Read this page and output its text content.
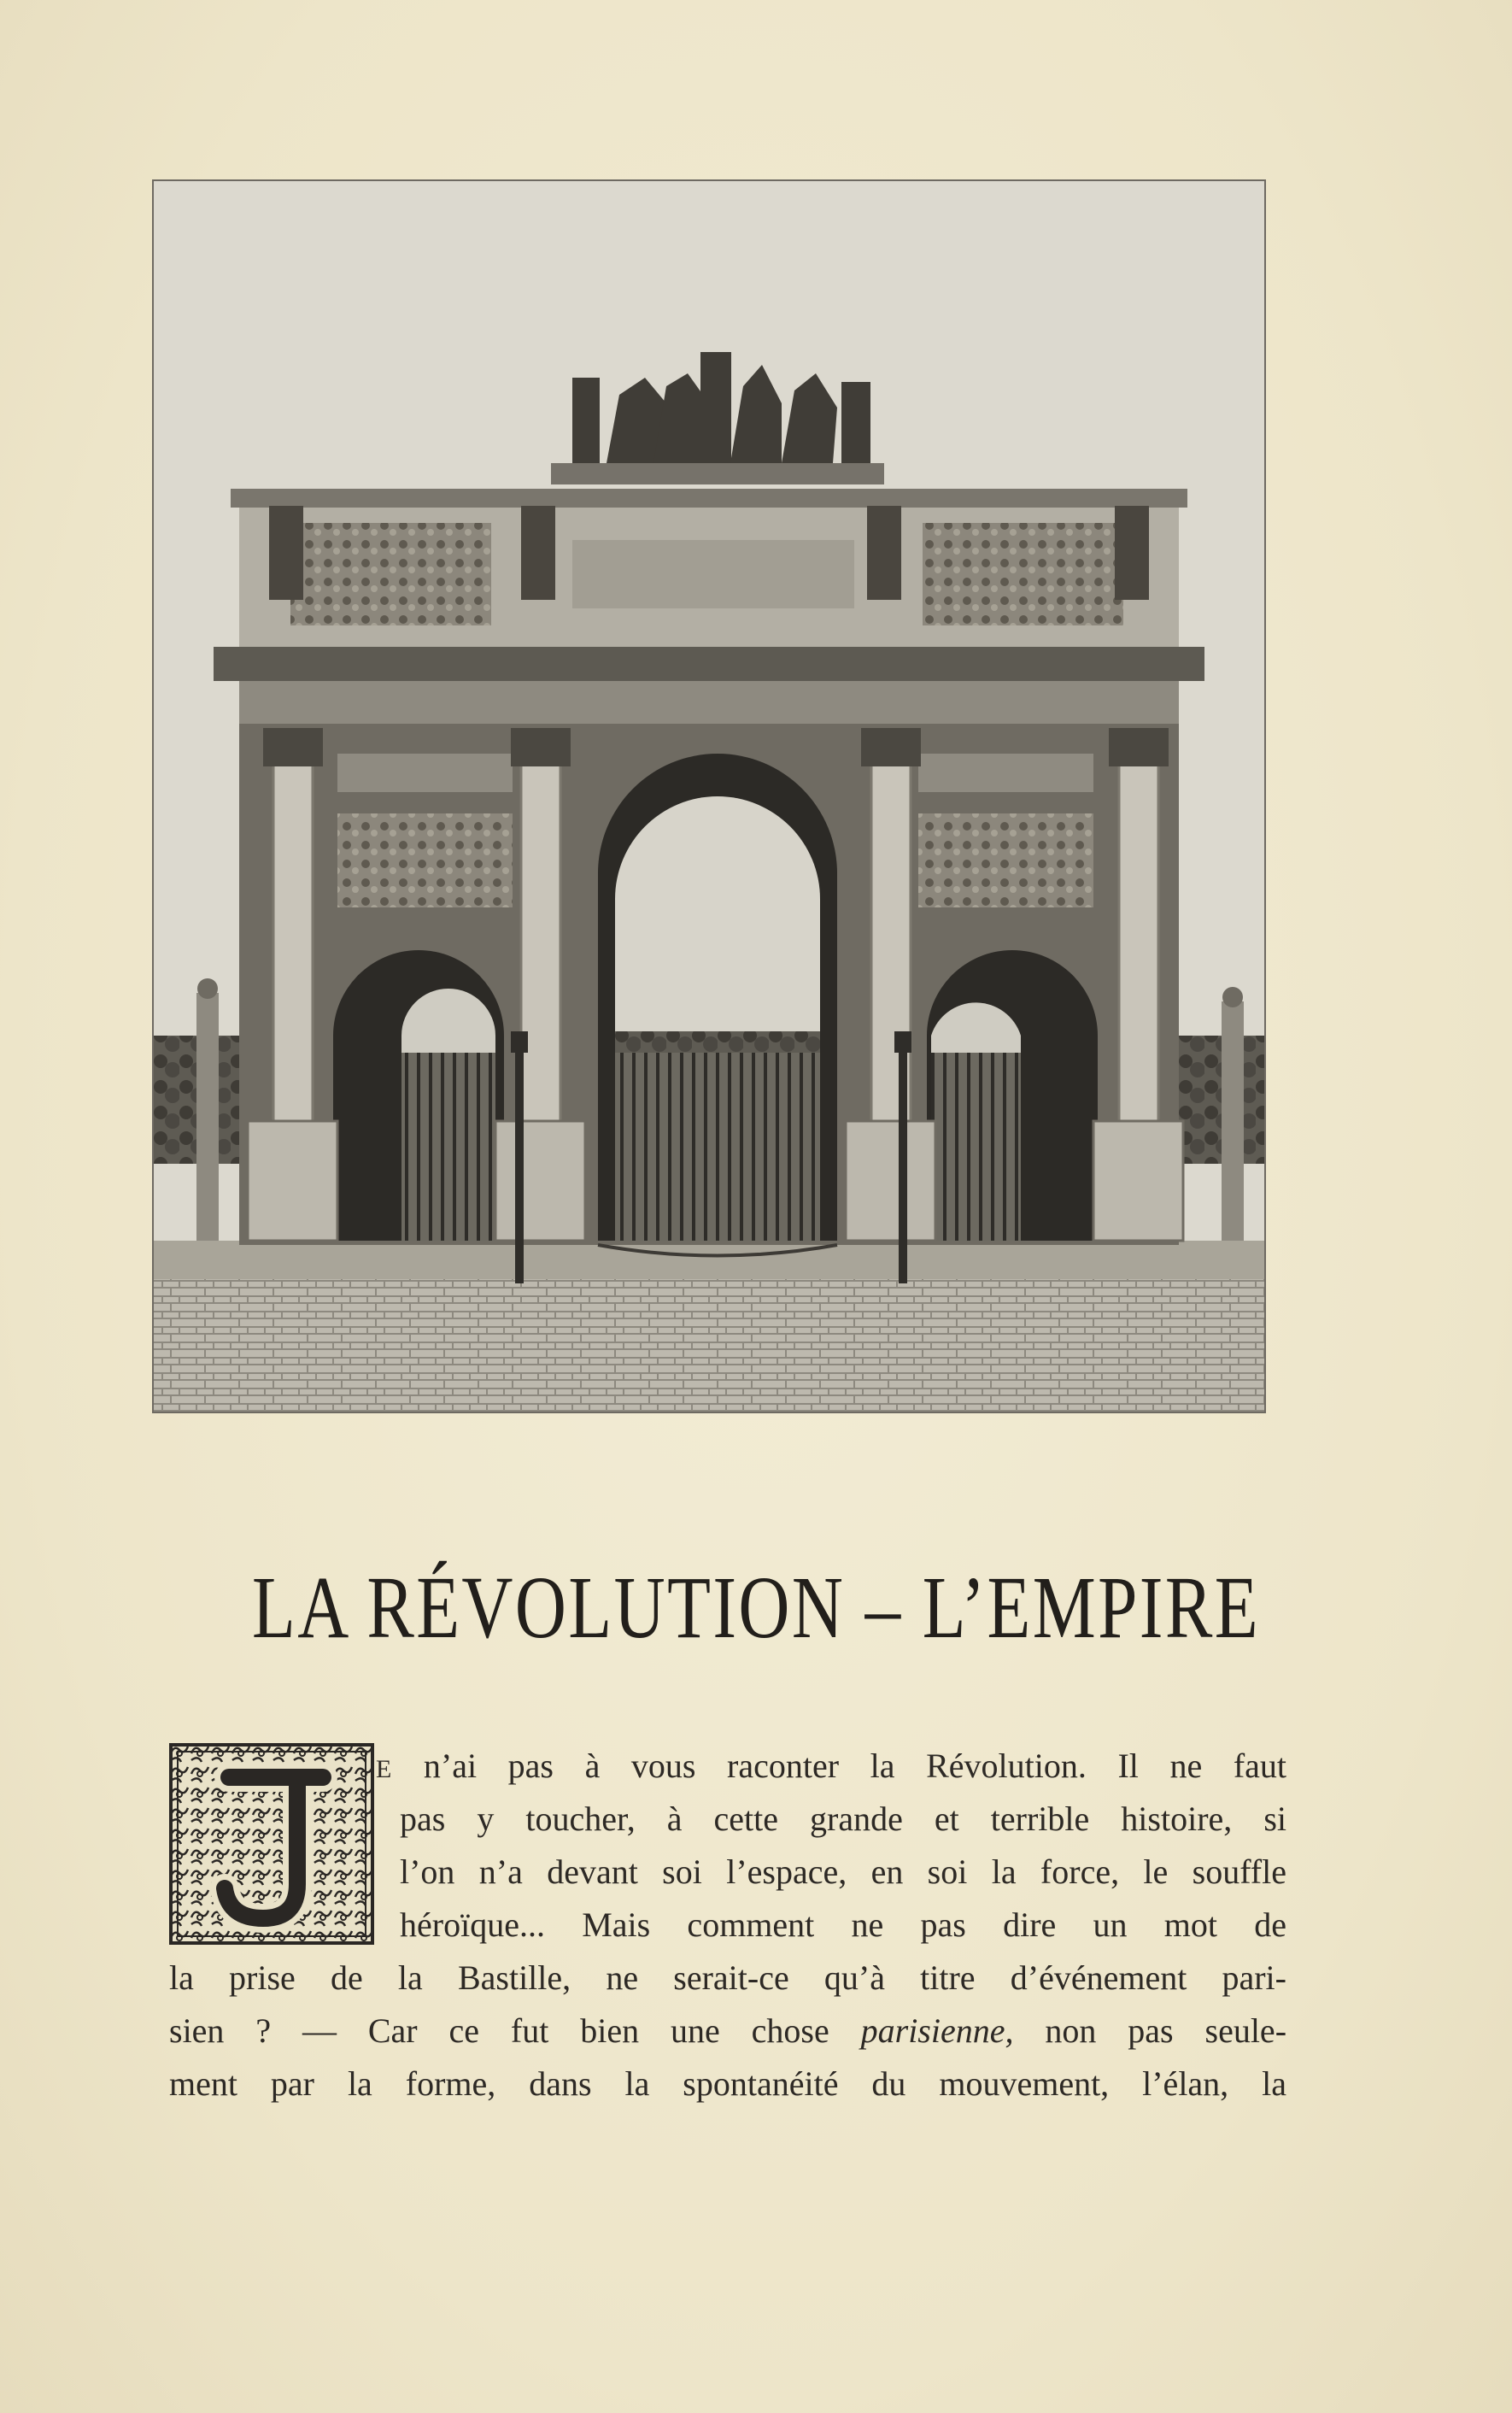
LA RÉVOLUTION – L’EMPIRE
E n’ai pas à vous raconter la Révolution. Il ne faut
pas y toucher, à cette grande et terrible histoire, si
l’on n’a devant soi l’espace, en soi la force, le souffle
héroïque... Mais comment ne pas dire un mot de
la prise de la Bastille, ne serait-ce qu’à titre d’événement pari-
sien ? — Car ce fut bien une chose parisienne, non pas seule-
ment par la forme, dans la spontanéité du mouvement, l’élan, la
